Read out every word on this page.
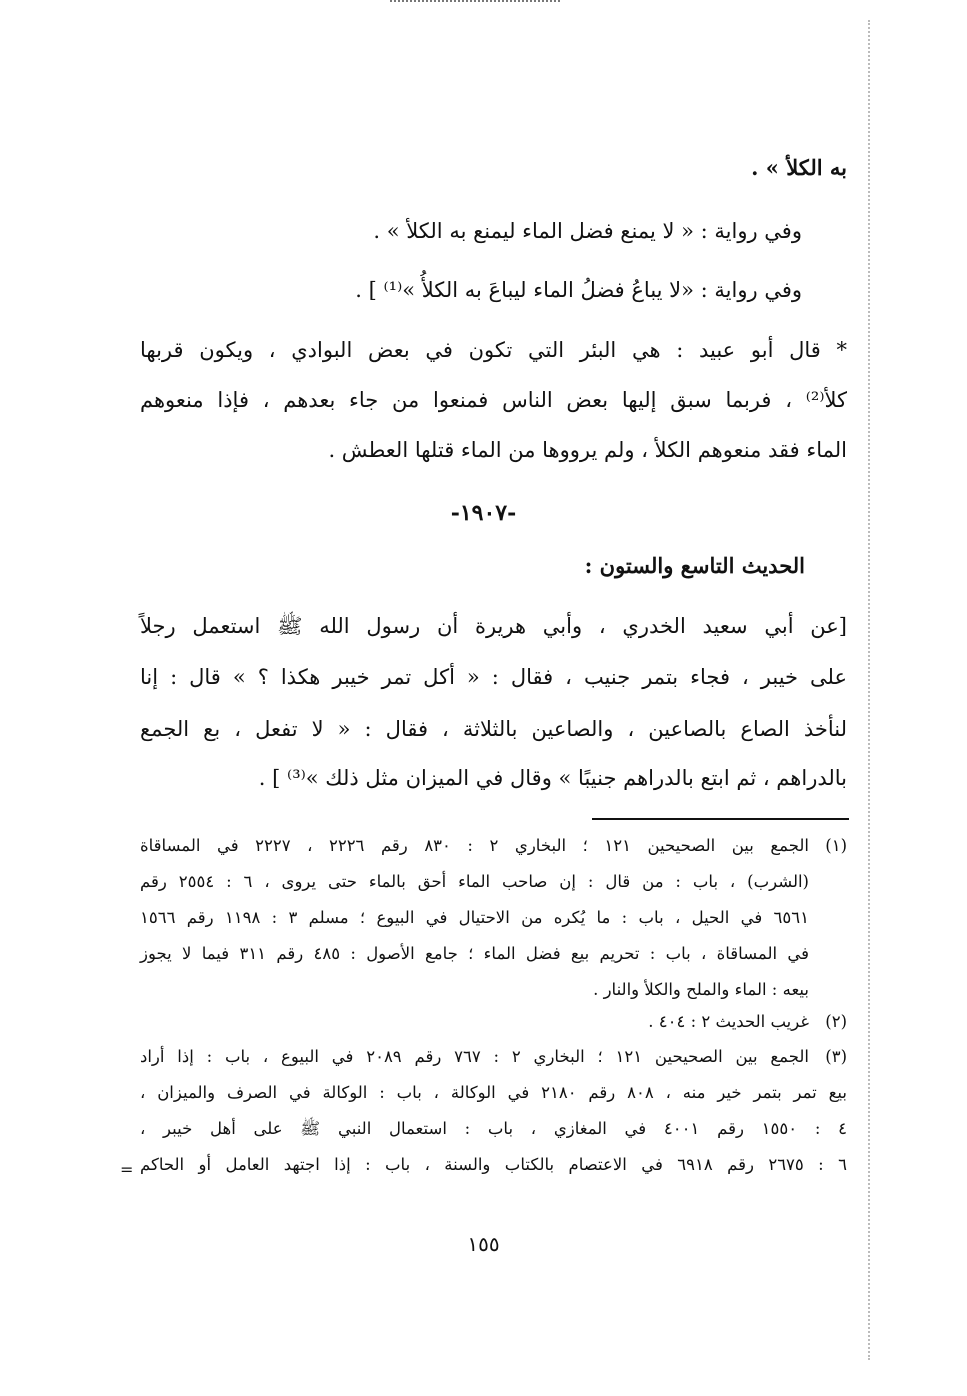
به الكلأ » .
وفي رواية : « لا يمنع فضل الماء ليمنع به الكلأ » .
وفي رواية : «لا يباعُ فضلُ الماء ليباعَ به الكلأُ »⁽¹⁾ ] .
* قال أبو عبيد : هي البئر التي تكون في بعض البوادي ، ويكون قربها
كلأ⁽²⁾ ، فربما سبق إليها بعض الناس فمنعوا من جاء بعدهم ، فإذا منعوهم
الماء فقد منعوهم الكلأ ، ولم يرووها من الماء قتلها العطش .
-١٩٠٧-
الحديث التاسع والستون :
[عن أبي سعيد الخدري ، وأبي هريرة أن رسول الله ﷺ استعمل رجلاً
على خيبر ، فجاء بتمر جنيب ، فقال : « أكل تمر خيبر هكذا ؟ » قال : إنا
لنأخذ الصاع بالصاعين ، والصاعين بالثلاثة ، فقال : « لا تفعل ، بع الجمع
بالدراهم ، ثم ابتع بالدراهم جنيبًا » وقال في الميزان مثل ذلك »⁽³⁾ ] .
(١)
الجمع بين الصحيحين ١٢١ ؛ البخاري ٢ : ٨٣٠ رقم ٢٢٢٦ ، ٢٢٢٧ في المساقاة
(الشرب) ، باب : من قال : إن صاحب الماء أحق بالماء حتى يروى ، ٦ : ٢٥٥٤ رقم
٦٥٦١ في الحيل ، باب : ما يُكره من الاحتيال في البيوع ؛ مسلم ٣ : ١١٩٨ رقم ١٥٦٦
في المساقاة ، باب : تحريم بيع فضل الماء ؛ جامع الأصول : ٤٨٥ رقم ٣١١ فيما لا يجوز
بيعه : الماء والملح والكلأ والنار .
(٢)
غريب الحديث ٢ : ٤٠٤ .
(٣)
الجمع بين الصحيحين ١٢١ ؛ البخاري ٢ : ٧٦٧ رقم ٢٠٨٩ في البيوع ، باب : إذا أراد
بيع تمر بتمر خير منه ، ٨٠٨ رقم ٢١٨٠ في الوكالة ، باب : الوكالة في الصرف والميزان ،
٤ : ١٥٥٠ رقم ٤٠٠١ في المغازي ، باب : استعمال النبي ﷺ على أهل خيبر ،
٦ : ٢٦٧٥ رقم ٦٩١٨ في الاعتصام بالكتاب والسنة ، باب : إذا اجتهد العامل أو الحاكم
=
١٥٥
